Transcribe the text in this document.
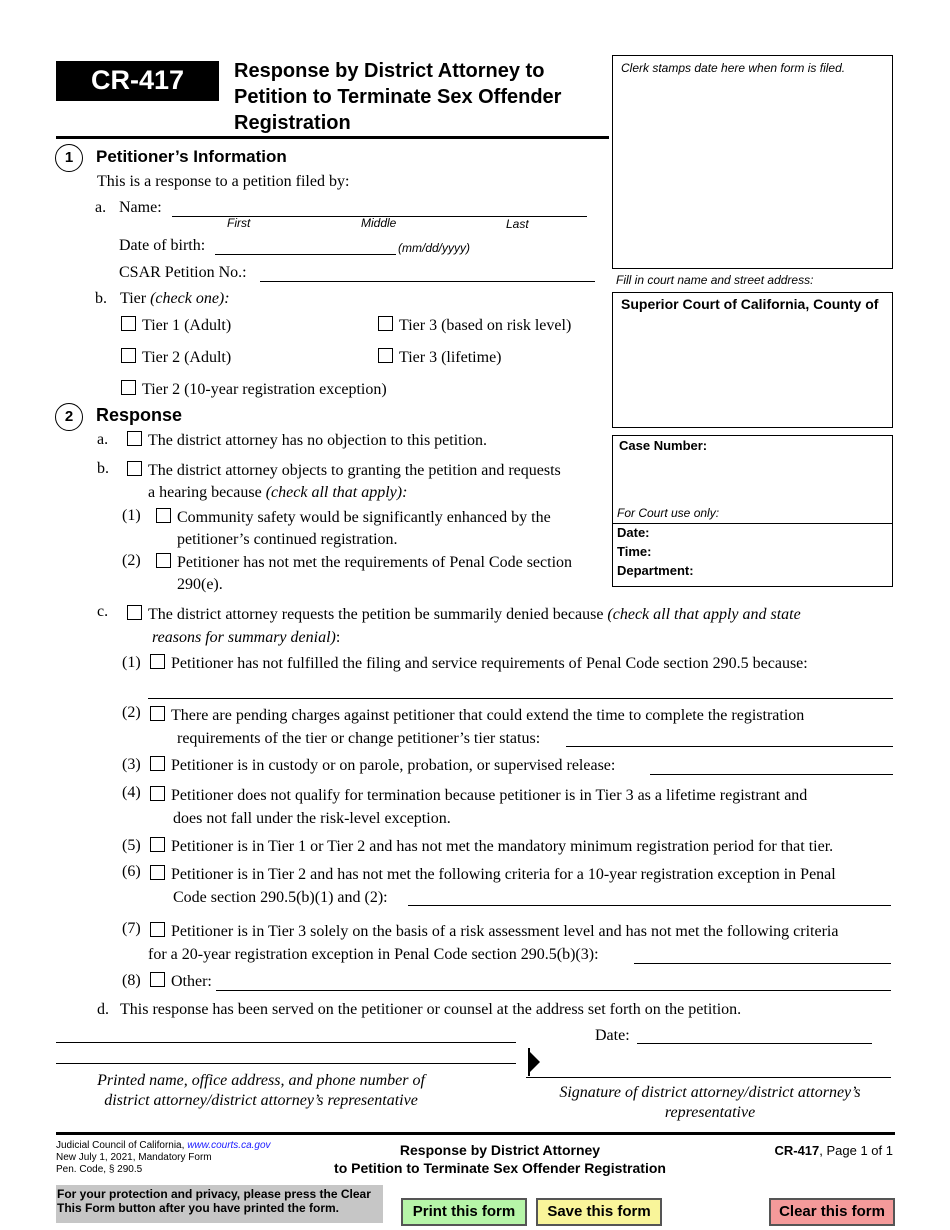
CR-417	Response by District Attorney to
Petition to Terminate Sex Offender
Registration
Clerk stamps date here when form is filed.
Fill in court name and street address:
Superior Court of California, County of
Case Number:
For Court use only:
Date:
Time:
Department:
1	Petitioner’s Information
This is a response to a petition filed by:
a. Name:
First	Middle	Last
Date of birth:	(mm/dd/yyyy)
CSAR Petition No.:
b. Tier (check one):
Tier 1 (Adult)	Tier 3 (based on risk level)
Tier 2 (Adult)	Tier 3 (lifetime)
Tier 2 (10-year registration exception)
2	Response
a.	The district attorney has no objection to this petition.
b.	The district attorney objects to granting the petition and requests
a hearing because (check all that apply):
(1)	Community safety would be significantly enhanced by the
petitioner’s continued registration.
(2)	Petitioner has not met the requirements of Penal Code section
290(e).
c.	The district attorney requests the petition be summarily denied because (check all that apply and state
reasons for summary denial):
(1)	Petitioner has not fulfilled the filing and service requirements of Penal Code section 290.5 because:
(2)	There are pending charges against petitioner that could extend the time to complete the registration
requirements of the tier or change petitioner’s tier status:
(3)	Petitioner is in custody or on parole, probation, or supervised release:
(4)	Petitioner does not qualify for termination because petitioner is in Tier 3 as a lifetime registrant and
does not fall under the risk-level exception.
(5)	Petitioner is in Tier 1 or Tier 2 and has not met the mandatory minimum registration period for that tier.
(6)	Petitioner is in Tier 2 and has not met the following criteria for a 10-year registration exception in Penal
Code section 290.5(b)(1) and (2):
(7)	Petitioner is in Tier 3 solely on the basis of a risk assessment level and has not met the following criteria
for a 20-year registration exception in Penal Code section 290.5(b)(3):
(8)	Other:
d. This response has been served on the petitioner or counsel at the address set forth on the petition.
Date:
Printed name, office address, and phone number of
district attorney/district attorney’s representative	Signature of district attorney/district attorney’s
representative
Judicial Council of California, www.courts.ca.gov
New July 1, 2021, Mandatory Form
Pen. Code, § 290.5
Response by District Attorney
to Petition to Terminate Sex Offender Registration
CR-417, Page 1 of 1
For your protection and privacy, please press the Clear
This Form button after you have printed the form.	Print this form	Save this form	Clear this form
